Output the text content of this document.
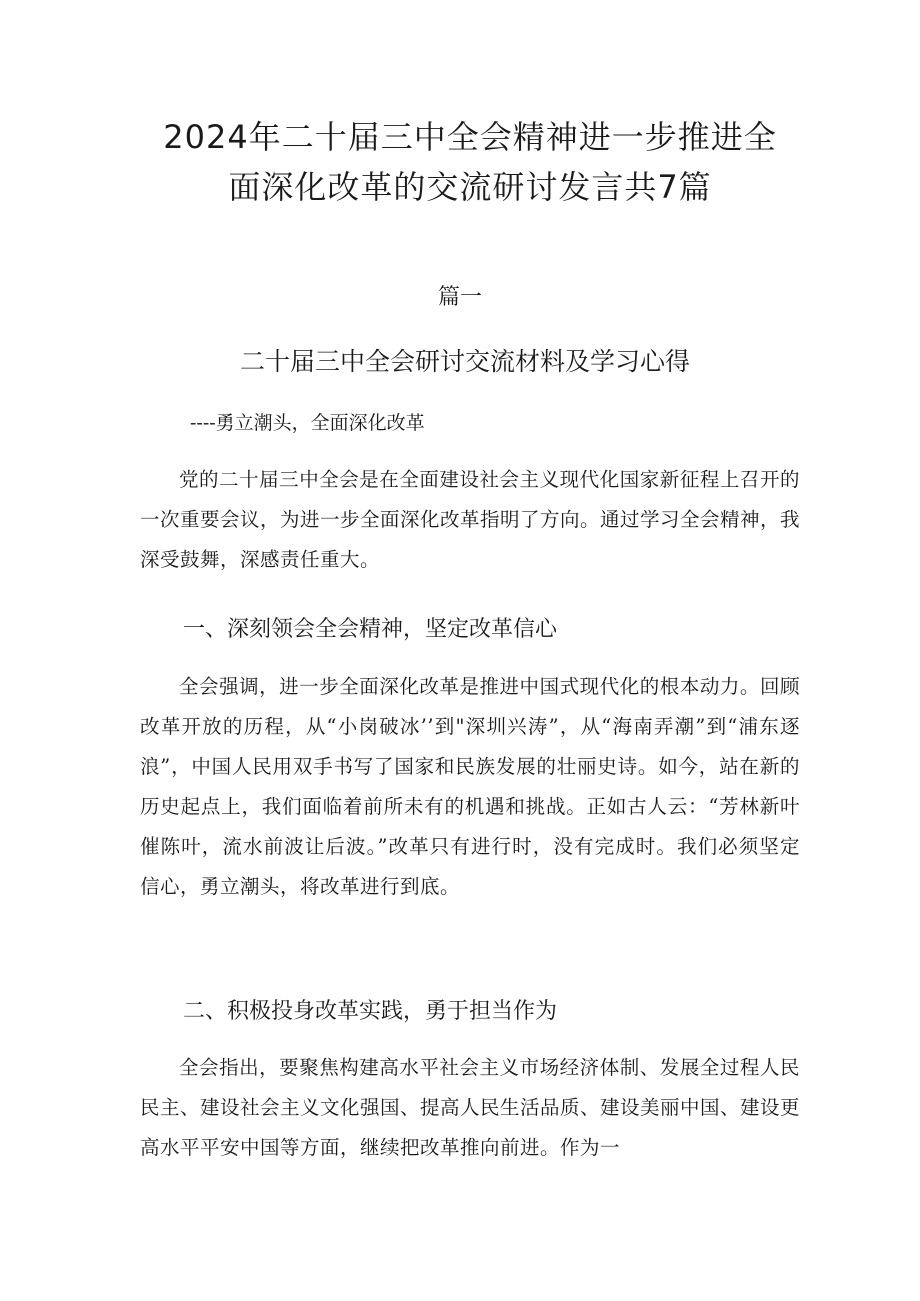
2024年二十届三中全会精神进一步推进全
面深化改革的交流研讨发言共7篇
篇一
二十届三中全会研讨交流材料及学习心得

----勇立潮头，全面深化改革

党的二十届三中全会是在全面建设社会主义现代化国家新征程上召开的一次重要会议，为进一步全面深化改革指明了方向。通过学习全会精神，我深受鼓舞，深感责任重大。

一、深刻领会全会精神，坚定改革信心

全会强调，进一步全面深化改革是推进中国式现代化的根本动力。回顾改革开放的历程，从“小岗破冰’’到"深圳兴涛”，从“海南弄潮”到“浦东逐浪”，中国人民用双手书写了国家和民族发展的壮丽史诗。如今，站在新的历史起点上，我们面临着前所未有的机遇和挑战。正如古人云：“芳林新叶催陈叶，流水前波让后波。”改革只有进行时，没有完成时。我们必须坚定信心，勇立潮头，将改革进行到底。

二、积极投身改革实践，勇于担当作为

全会指出，要聚焦构建高水平社会主义市场经济体制、发展全过程人民民主、建设社会主义文化强国、提高人民生活品质、建设美丽中国、建设更高水平平安中国等方面，继续把改革推向前进。作为一
